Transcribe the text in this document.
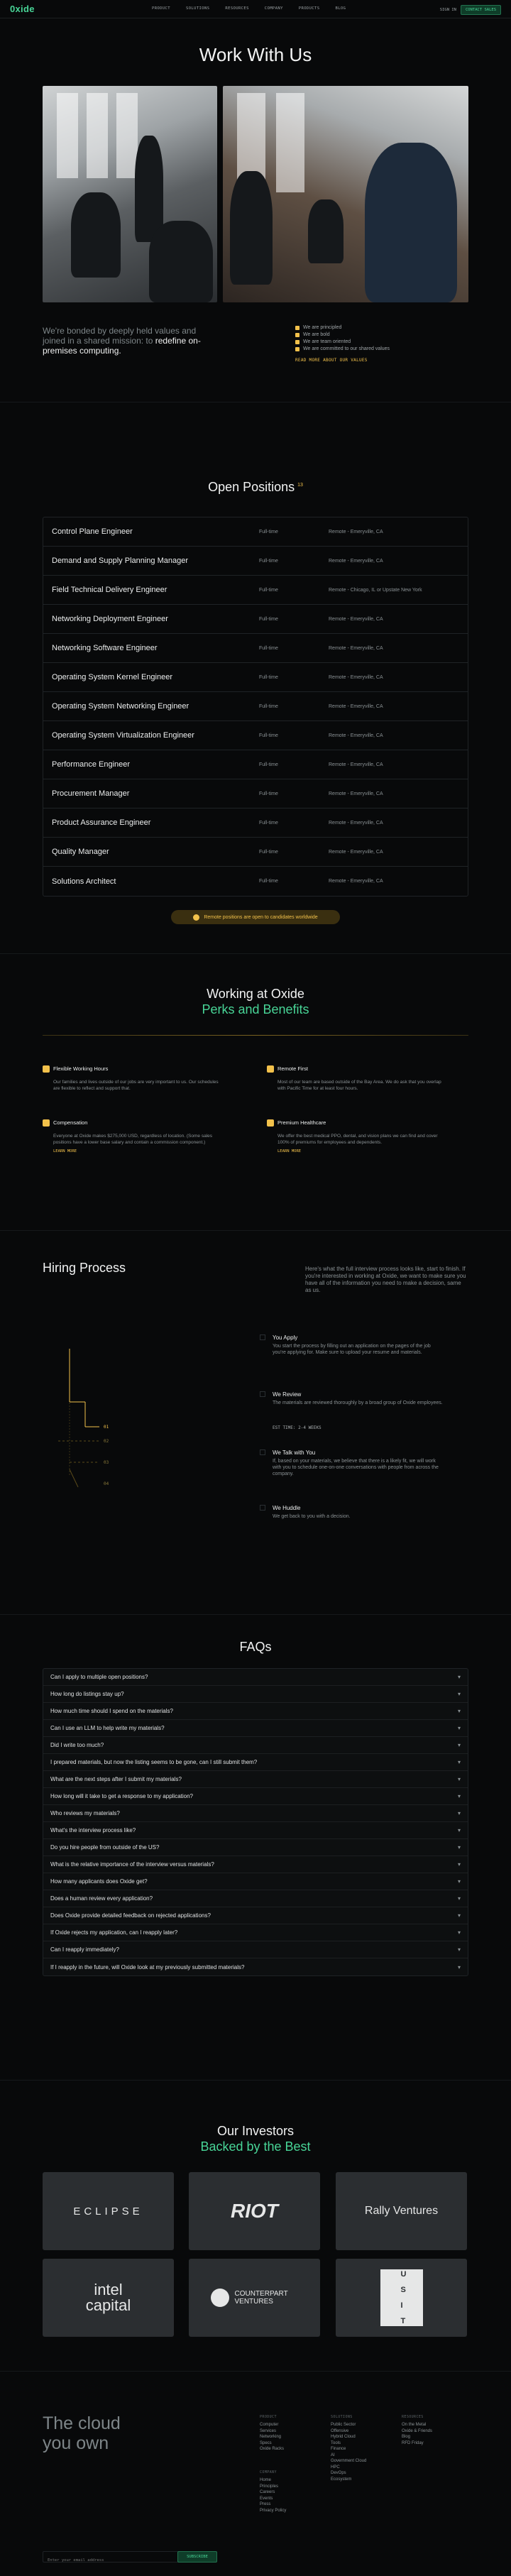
0xide	PRODUCT	SOLUTIONS	RESOURCES	COMPANY	PRODUCTS	BLOG	SIGN IN	CONTACT SALES
Work With Us
We're bonded by deeply held values and joined in a shared mission: to redefine on-premises computing.
We are principled
We are bold
We are team oriented
We are committed to our shared values
READ MORE ABOUT OUR VALUES
Open Positions $^{13}$
Control Plane Engineer	Full-time	Remote - Emeryville, CA
Demand and Supply Planning Manager	Full-time	Remote - Emeryville, CA
Field Technical Delivery Engineer	Full-time	Remote - Chicago, IL or Upstate New York
Networking Deployment Engineer	Full-time	Remote - Emeryville, CA
Networking Software Engineer	Full-time	Remote - Emeryville, CA
Operating System Kernel Engineer	Full-time	Remote - Emeryville, CA
Operating System Networking Engineer	Full-time	Remote - Emeryville, CA
Operating System Virtualization Engineer	Full-time	Remote - Emeryville, CA
Performance Engineer	Full-time	Remote - Emeryville, CA
Procurement Manager	Full-time	Remote - Emeryville, CA
Product Assurance Engineer	Full-time	Remote - Emeryville, CA
Quality Manager	Full-time	Remote - Emeryville, CA
Solutions Architect	Full-time	Remote - Emeryville, CA
Remote positions are open to candidates worldwide
Working at Oxide
Perks and Benefits
Flexible Working Hours
Our families and lives outside of our jobs are very important to us. Our schedules are flexible to reflect and support that.
Remote First
Most of our team are based outside of the Bay Area. We do ask that you overlap with Pacific Time for at least four hours.
Compensation
Everyone at Oxide makes $275,000 USD, regardless of location. (Some sales positions have a lower base salary and contain a commission component.)
LEARN MORE
Premium Healthcare
We offer the best medical PPO, dental, and vision plans we can find and cover 100% of premiums for employees and dependents.
LEARN MORE
Hiring Process	Here's what the full interview process looks like, start to finish. If you're interested in working at Oxide, we want to make sure you have all of the information you need to make a decision, same as us.
01
02
03
04
You Apply
You start the process by filling out an application on the pages of the job you're applying for. Make sure to upload your resume and materials.
We Review
The materials are reviewed thoroughly by a broad group of Oxide employees.
EST TIME: 2-4 WEEKS
We Talk with You
If, based on your materials, we believe that there is a likely fit, we will work with you to schedule one-on-one conversations with people from across the company.
We Huddle
We get back to you with a decision.
FAQs
Can I apply to multiple open positions?	▾
How long do listings stay up?	▾
How much time should I spend on the materials?	▾
Can I use an LLM to help write my materials?	▾
Did I write too much?	▾
I prepared materials, but now the listing seems to be gone, can I still submit them?	▾
What are the next steps after I submit my materials?	▾
How long will it take to get a response to my application?	▾
Who reviews my materials?	▾
What's the interview process like?	▾
Do you hire people from outside of the US?	▾
What is the relative importance of the interview versus materials?	▾
How many applicants does Oxide get?	▾
Does a human review every application?	▾
Does Oxide provide detailed feedback on rejected applications?	▾
If Oxide rejects my application, can I reapply later?	▾
Can I reapply immediately?	▾
If I reapply in the future, will Oxide look at my previously submitted materials?	▾
Our Investors
Backed by the Best
ECLIPSE	RIOT	Rally Ventures
intel capital
COUNTERPART VENTURES
USIT
The cloud
you own
PRODUCT
Computer
Services
Networking
Specs
Oxide Racks
SOLUTIONS
Public Sector
Offensive
Hybrid Cloud
Tools
Finance
AI
Government Cloud
HPC
DevOps
Ecosystem
RESOURCES
On the Metal
Oxide & Friends
Blog
RFD Friday
COMPANY
Home
Principles
Careers
Events
Press
Privacy Policy
Enter your email address
SUBSCRIBE
